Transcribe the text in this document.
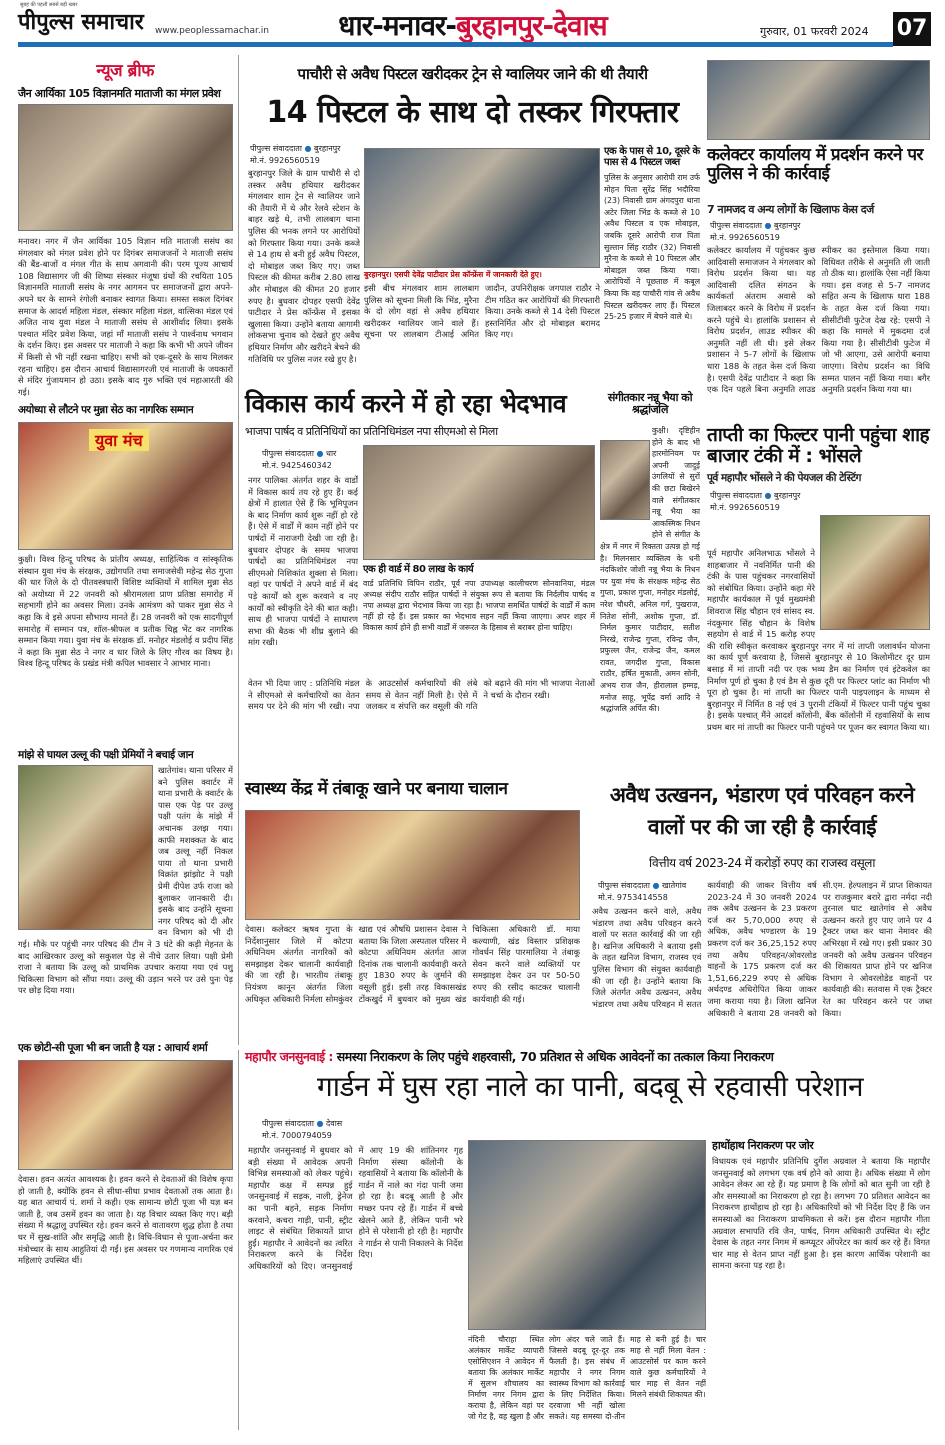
सुबह की पहली सबसे बड़ी खबर
पीपुल्स समाचार www.peoplessamachar.in	धार-मनावर-बुरहानपुर-देवास	गुरुवार, 01 फरवरी 2024 07
न्यूज ब्रीफ
जैन आर्यिका 105 विज्ञानमति माताजी का मंगल प्रवेश
मनावर। नगर में जैन आर्यिका 105 विज्ञान मति माताजी ससंघ का मंगलवार को मंगल प्रवेश होने पर दिगंबर समाजजनों ने माताजी ससंघ की बैंड-बाजों व मंगल गीत के साथ अगवानी की। परम पूज्य आचार्य 108 विद्यासागर जी की शिष्या संस्कार मंजूषा ग्रंथों की रचयिता 105 विज्ञानमति माताजी ससंघ के नगर आगमन पर समाजजनों द्वारा अपने-अपने घर के सामने रंगोली बनाकर स्वागत किया। समस्त सकल दिगंबर समाज के आदर्श महिला मंडल, संस्कार महिला मंडल, वात्सिका मंडल एवं अजित नाथ युवा मंडल ने माताजी ससंघ से आशीर्वाद लिया। इसके पश्चात मंदिर प्रवेश किया, जहां माँ माताजी ससंघ ने पार्श्वनाथ भगवान के दर्शन किए। इस अवसर पर माताजी ने कहा कि कभी भी अपने जीवन में किसी से भी नहीं रखना चाहिए। सभी को एक-दूसरे के साथ मिलकर रहना चाहिए। इस दौरान आचार्य विद्यासागरजी एवं माताजी के जयकारों से मंदिर गुंजायमान हो उठा। इसके बाद गुरु भक्ति एवं महाआरती की गई।
अयोध्या से लौटने पर मुन्ना सेठ का नागरिक सम्मान
युवा मंच
कुक्षी। विश्व हिन्दू परिषद के प्रांतीय अध्यक्ष, साहित्यिक व सांस्कृतिक संस्थान युवा मंच के संरक्षक, उद्योगपति तथा समाजसेवी महेन्द्र सेठ गुप्ता की धार जिले के दो पीतवस्त्रधारी विशिष्ट व्यक्तियों में शामिल मुन्ना सेठ को अयोध्या में 22 जनवरी को श्रीरामलला प्राण प्रतिष्ठा समारोह में सहभागी होने का अवसर मिला। उनके आमंत्रण को पाकर मुन्ना सेठ ने कहा कि वे इसे अपना सौभाग्य मानते हैं। 28 जनवरी को एक सादगीपूर्ण समारोह में सम्मान पत्र, शॉल-श्रीफल व प्रतीक चिह्न भेंट कर नागरिक सम्मान किया गया। युवा मंच के संरक्षक डॉ. मनोहर मंडलोई व प्रदीप सिंह ने कहा कि मुन्ना सेठ ने नगर व धार जिले के लिए गौरव का विषय है। विश्व हिन्दू परिषद के प्रखंड मंत्री कपिल भावसार ने आभार माना।
मांझे से घायल उल्लू की पक्षी प्रेमियों ने बचाई जान
खातेगांव। थाना परिसर में बने पुलिस क्वार्टर में थाना प्रभारी के क्वार्टर के पास एक पेड़ पर उल्लू पक्षी पतंग के मांझे में अचानक उलझ गया। काफी मशक्कत के बाद जब उल्लू नहीं निकल पाया तो थाना प्रभारी विक्रांत झांझोट ने पक्षी प्रेमी दीपेश उर्फ राजा को बुलाकर जानकारी दी। इसके बाद उन्होंने सूचना नगर परिषद को दी और वन विभाग को भी दी गई। मौके पर पहुंची नगर परिषद की टीम ने 3 घंटे की कड़ी मेहनत के बाद आखिरकार उल्लू को सकुशल पेड़ से नीचे उतार लिया। पक्षी प्रेमी राजा ने बताया कि उल्लू को प्राथमिक उपचार कराया गया एवं पशु चिकित्सा विभाग को सौंपा गया। उल्लू की उड़ान भरने पर उसे पुनः पेड़ पर छोड़ दिया गया।
एक छोटी-सी पूजा भी बन जाती है यज्ञ : आचार्य शर्मा
देवास। हवन अत्यंत आवश्यक है। हवन करने से देवताओं की विशेष कृपा हो जाती है, क्योंकि हवन से सीधा-सीधा प्रभाव देवताओं तक आता है। यह बात आचार्य पं. शर्मा ने कही। एक सामान्य छोटी पूजा भी यज्ञ बन जाती है, जब उसमें हवन का जाता है। यह विचार व्यक्त किए गए। बड़ी संख्या में श्रद्धालु उपस्थित रहे। हवन करने से वातावरण शुद्ध होता है तथा घर में सुख-शांति और समृद्धि आती है। विधि-विधान से पूजा-अर्चना कर मंत्रोच्चार के साथ आहुतियां दी गईं। इस अवसर पर गणमान्य नागरिक एवं महिलाएं उपस्थित थीं।
पाचौरी से अवैध पिस्टल खरीदकर ट्रेन से ग्वालियर जाने की थी तैयारी
14 पिस्टल के साथ दो तस्कर गिरफ्तार
पीपुल्स संवाददाता ● बुरहानपुर
मो.नं. 9926560519
बुरहानपुर जिले के ग्राम पाचौरी से दो तस्कर अवैध हथियार खरीदकर मंगलवार शाम ट्रेन से ग्वालियर जाने की तैयारी में थे और रेलवे स्टेशन के बाहर खड़े थे, तभी लालबाग थाना पुलिस की भनक लगने पर आरोपियों को गिरफ्तार किया गया। उनके कब्जे से 14 हाथ से बनी हुई अवैध पिस्टल, दो मोबाइल जब्त किए गए। जब्त पिस्टल की कीमत करीब 2.80 लाख और मोबाइल की कीमत 20 हजार रुपए है। बुधवार दोपहर एसपी देवेंद्र पाटीदार ने प्रेस कॉन्फ्रेंस में इसका खुलासा किया। उन्होंने बताया आगामी लोकसभा चुनाव को देखते हुए अवैध हथियार निर्माण और खरीदने बेचने की गतिविधि पर पुलिस नजर रखे हुए है।
बुरहानपुर। एसपी देवेंद्र पाटीदार प्रेस कॉन्फ्रेंस में जानकारी देते हुए।
इसी बीच मंगलवार शाम लालबाग पुलिस को सूचना मिली कि भिंड, मुरैना के दो लोग वहां से अवैध हथियार खरीदकर ग्वालियर जाने वाले हैं। सूचना पर लालबाग टीआई अमित जादौन, उपनिरीक्षक जगपाल राठौर ने टीम गठित कर आरोपियों की गिरफ्तारी किया। उनके कब्जे से 14 देसी पिस्टल हस्तनिर्मित और दो मोबाइल बरामद किए गए।
एक के पास से 10, दूसरे के पास से 4 पिस्टल जब्त
पुलिस के अनुसार आरोपी राम उर्फ मोहन पिता सुरेंद्र सिंह भदौरिया (23) निवासी ग्राम अंगदपुरा थाना अटेर जिला भिंड के कब्जे से 10 अवैध पिस्टल व एक मोबाइल, जबकि दूसरे आरोपी राज पिता सुल्तान सिंह राठौर (32) निवासी मुरैना के कब्जे से 10 पिस्टल और मोबाइल जब्त किया गया। आरोपियों ने पूछताछ में कबूल किया कि वह पाचौरी गांव से अवैध पिस्टल खरीदकर लाए हैं। पिस्टल 25-25 हजार में बेचने वाले थे।
कलेक्टर कार्यालय में प्रदर्शन करने पर पुलिस ने की कार्रवाई
7 नामजद व अन्य लोगों के खिलाफ केस दर्ज
पीपुल्स संवाददाता ● बुरहानपुर
मो.नं. 9926560519
कलेक्टर कार्यालय में पहुंचकर कुछ आदिवासी समाजजन ने मंगलवार को विरोध प्रदर्शन किया था। यह आदिवासी दलित संगठन के कार्यकर्ता अंतराम अवासे को जिलाबदर करने के विरोध में प्रदर्शन करने पहुंचे थे। हालांकि प्रशासन से विरोध प्रदर्शन, लाउड स्पीकर की अनुमति नहीं ली थी। इसे लेकर प्रशासन ने 5-7 लोगों के खिलाफ धारा 188 के तहत केस दर्ज किया है। एसपी देवेंद्र पाटीदार ने कहा कि एक दिन पहले बिना अनुमति लाउड स्पीकर का इस्तेमाल किया गया। विधिवत तरीके से अनुमति ली जाती तो ठीक था। हालांकि ऐसा नहीं किया गया। इस वजह से 5-7 नामजद सहित अन्य के खिलाफ धारा 188 के तहत केस दर्ज किया गया। सीसीटीवी फुटेज देख रहे: एसपी ने कहा कि मामले में मुकदमा दर्ज किया गया है। सीसीटीवी फुटेज में जो भी आएगा, उसे आरोपी बनाया जाएगा। विरोध प्रदर्शन का विधि सम्मत पालन नहीं किया गया। बगैर अनुमति प्रदर्शन किया गया था।
विकास कार्य करने में हो रहा भेदभाव
भाजपा पार्षद व प्रतिनिधियों का प्रतिनिधिमंडल नपा सीएमओ से मिला
पीपुल्स संवाददाता ● धार
मो.नं. 9425460342
नगर पालिका अंतर्गत शहर के वार्डों में विकास कार्य तय रहे हुए हैं। कई क्षेत्रों में हालात ऐसे हैं कि भूमिपूजन के बाद निर्माण कार्य शुरू नहीं हो रहे हैं। ऐसे में वार्डों में काम नहीं होने पर पार्षदों में नाराजगी देखी जा रही है। बुधवार दोपहर के समय भाजपा पार्षदों का प्रतिनिधिमंडल नपा सीएमओ निशिकांत शुक्ला से मिला। वहां पर पार्षदों ने अपने वार्ड में बंद पड़े कार्यों को शुरू करवाने व नए कार्यों को स्वीकृति देने की बात कही। साथ ही भाजपा पार्षदों ने साधारण सभा की बैठक भी शीघ्र बुलाने की मांग रखी।
एक ही वार्ड में 80 लाख के कार्य
वार्ड प्रतिनिधि विपिन राठौर, पूर्व नपा उपाध्यक्ष कालीचरण सोनवानिया, मंडल अध्यक्ष संदीप राठौर सहित पार्षदों ने संयुक्त रूप से बताया कि निर्दलीय पार्षद व नपा अध्यक्ष द्वारा भेदभाव किया जा रहा है। भाजपा समर्थित पार्षदों के वार्डों में काम नहीं हो रहे हैं। इस प्रकार का भेदभाव सहन नहीं किया जाएगा। अपर शहर में विकास कार्य होने ही सभी वार्डों में जरूरत के हिसाब से बराबर होना चाहिए।
वेतन भी दिया जाए : प्रतिनिधि मंडल ने सीएमओ से कर्मचारियों का वेतन समय पर देने की मांग भी रखी। नपा के आउटसोर्स कर्मचारियों की लंबे समय से वेतन नहीं मिली है। ऐसे में जलकर व संपत्ति कर वसूली की गति को बढ़ाने की मांग भी भाजपा नेताओं ने चर्चा के दौरान रखी।
संगीतकार नन्नू भैया को श्रद्धांजलि
कुक्षी। दृष्टिहीन होने के बाद भी हारमोनियम पर अपनी जादुई उंगलियों से सुरों की छटा बिखेरने वाले संगीतकार नन्नू भैया का आकस्मिक निधन होने से संगीत के क्षेत्र में नगर में रिक्तता उत्पन्न हो गई है। मिलनसार व्यक्तित्व के धनी नंदकिशोर जोशी नन्नू भैया के निधन पर युवा मंच के संरक्षक महेन्द्र सेठ गुप्ता, प्रकाश गुप्ता, मनोहर मंडलोई, नरेश चौधरी, अनिल गर्ग, पुखराज, नितेश सोनी, अशोक गुप्ता, डॉ. निर्मल कुमार पाटीदार, सतीश निरखे, राजेन्द्र गुप्ता, रविन्द्र जैन, प्रफुल्ल जैन, राजेन्द्र जैन, कमल रावत, जगदीश गुप्ता, विकास राठौर, हर्षित मुकाती, अमन सोनी, अभय राज जैन, हीरालाल हम्मड़, मनोज साहू, भूपेंद्र वर्मा आदि ने श्रद्धांजलि अर्पित की।
ताप्ती का फिल्टर पानी पहुंचा शाह बाजार टंकी में : भोंसले
पूर्व महापौर भोंसले ने की पेयजल की टेस्टिंग
पीपुल्स संवाददाता ● बुरहानपुर
मो.नं. 9926560519
पूर्व महापौर अनिलभाऊ भोंसले ने शाहबाजार में नवनिर्मित पानी की टंकी के पास पहुंचकर नगरवासियों को संबोधित किया। उन्होंने कहा मेरे महापौर कार्यकाल में पूर्व मुख्यमंत्री शिवराज सिंह चौहान एवं सांसद स्व. नंदकुमार सिंह चौहान के विशेष सहयोग से वार्ड में 15 करोड़ रुपए की राशि स्वीकृत करवाकर बुरहानपुर नगर में मां ताप्ती जलावर्धन योजना का कार्य पूर्ण करवाया है, जिससे बुरहानपुर से 10 किलोमीटर दूर ग्राम बसाड़ में मां ताप्ती नदी पर एक भव्य डैम का निर्माण एवं इंटेकवेल का निर्माण पूर्ण हो चुका है एवं डैम से कुछ दूरी पर फिल्टर प्लांट का निर्माण भी पूरा हो चुका है। मां ताप्ती का फिल्टर पानी पाइपलाइन के माध्यम से बुरहानपुर में निर्मित 8 नई एवं 3 पुरानी टंकियों में फिल्टर पानी पहुंच चुका है। इसके पश्चात् मैंने आदर्श कॉलोनी, बैंक कॉलोनी में रहवासियों के साथ प्रथम बार मां ताप्ती का फिल्टर पानी पहुंचने पर पूजन कर स्वागत किया था।
स्वास्थ्य केंद्र में तंबाकू खाने पर बनाया चालान
देवास। कलेक्टर ऋषव गुप्ता के निर्देशानुसार जिले में कोटपा अधिनियम अंतर्गत नागरिकों को समझाइश देकर चालानी कार्यवाही की जा रही है। भारतीय तंबाकू नियंत्रण कानून अंतर्गत जिला अधिकृत अधिकारी निर्मला सोमकुंवर खाद्य एवं औषधि प्रशासन देवास ने बताया कि जिला अस्पताल परिसर में कोटपा अधिनियम अंतर्गत आज दिनांक तक चालानी कार्यवाही करते हुए 1830 रुपए के जुर्माने की वसूली हुई। इसी तरह विकासखंड टोंकखुर्द में बुधवार को मुख्य खंड चिकित्सा अधिकारी डॉ. माया कल्याणी, खंड विस्तार प्रशिक्षक गोवर्धन सिंह पारमालिया ने तंबाकू सेवन करने वाले व्यक्तियों पर समझाइश देकर उन पर 50-50 रुपए की रसीद काटकर चालानी कार्यवाही की गई।
अवैध उत्खनन, भंडारण एवं परिवहन करने वालों पर की जा रही है कार्रवाई
वित्तीय वर्ष 2023-24 में करोड़ों रुपए का राजस्व वसूला
पीपुल्स संवाददाता ● खातेगांव
मो.नं. 9753414558
अवैध उत्खनन करने वाले, अवैध भंडारण तथा अवैध परिवहन करने वालों पर सतत कार्रवाई की जा रही है। खनिज अधिकारी ने बताया इसी के तहत खनिज विभाग, राजस्व एवं पुलिस विभाग की संयुक्त कार्यवाही की जा रही है। उन्होंने बताया कि जिले अंतर्गत अवैध उत्खनन, अवैध भंडारण तथा अवैध परिवहन में सतत कार्यवाही की जाकर वित्तीय वर्ष 2023-24 में 30 जनवरी 2024 तक अवैध उत्खनन के 23 प्रकरण दर्ज कर 5,70,000 रुपए से अधिक, अवैध भण्डारण के 19 प्रकरण दर्ज कर 36,25,152 रुपए तथा अवैध परिवहन/ओवरलोड वाहनों के 175 प्रकरण दर्ज कर 1,51,66,229 रुपए से अधिक अर्थदण्ड अधिरोपित किया जाकर जमा कराया गया है। जिला खनिज अधिकारी ने बताया 28 जनवरी को सी.एम. हेल्पलाइन में प्राप्त शिकायत पर राजकुमार बरारे द्वारा नर्मदा नदी तुरनाल घाट खातेगांव से अवैध उत्खनन करते हुए पाए जाने पर 4 ट्रैक्टर जब्त कर थाना नेमावर की अभिरक्षा में रखे गए। इसी प्रकार 30 जनवरी को अवैध उत्खनन परिवहन की शिकायत प्राप्त होने पर खनिज विभाग ने ओवरलोडेड वाहनों पर कार्यवाही की। सतवास में एक ट्रैक्टर रेत का परिवहन करने पर जब्त किया।
महापौर जनसुनवाई : समस्या निराकरण के लिए पहुंचे शहरवासी, 70 प्रतिशत से अधिक आवेदनों का तत्काल किया निराकरण
गार्डन में घुस रहा नाले का पानी, बदबू से रहवासी परेशान
पीपुल्स संवाददाता ● देवास
मो.नं. 7000794059
महापौर जनसुनवाई में बुधवार को बड़ी संख्या में आवेदक अपनी विभिन्न समस्याओं को लेकर पहुंचे। महापौर कक्ष में सम्पन्न हुई जनसुनवाई में सड़क, नाली, ड्रेनेज का पानी बहने, सड़क निर्माण करवाने, कचरा गाड़ी, पानी, स्ट्रीट लाइट से संबंधित शिकायतें प्राप्त हुईं। महापौर ने आवेदनों का त्वरित निराकरण करने के निर्देश अधिकारियों को दिए। जनसुनवाई में आए 19 की शांतिनगर गृह निर्माण संस्था कॉलोनी के रहवासियों ने बताया कि कॉलोनी के गार्डन में नाले का गंदा पानी जमा हो रहा है। बदबू आती है और मच्छर पनप रहे हैं। गार्डन में बच्चे खेलने आते हैं, लेकिन पानी भरे होने से परेशानी हो रही है। महापौर ने गार्डन से पानी निकालने के निर्देश दिए।
नंदिनी चौराहा स्थित अलंकार मार्केट व्यापारी एसोसिएशन ने आवेदन में बताया कि अलंकार मार्केट में सुलभ शौचालय का निर्माण नगर निगम द्वारा कराया है, लेकिन वहां पर जो गेट है, वह खुला है और लोग अंदर चले जाते हैं। जिससे बदबू दूर-दूर तक फैलती है। इस संबंध में महापौर ने नगर निगम स्वास्थ्य विभाग को कार्रवाई के लिए निर्देशित किया। दरवाजा भी नहीं खोला सकते। यह समस्या दो-तीन माह से बनी हुई है। चार माह से नहीं मिला वेतन : आउटसोर्स पर काम करने वाले कुछ कर्मचारियों ने चार माह से वेतन नहीं मिलने संबंधी शिकायत की।
हाथोंहाथ निराकरण पर जोर
विधायक एवं महापौर प्रतिनिधि दुर्गेश अग्रवाल ने बताया कि महापौर जनसुनवाई को लगभग एक वर्ष होने को आया है। अधिक संख्या में लोग आवेदन लेकर आ रहे हैं। यह प्रमाण है कि लोगों को बात सुनी जा रही है और समस्याओं का निराकरण हो रहा है। लगभग 70 प्रतिशत आवेदन का निराकरण हाथोंहाथ हो रहा है। अधिकारियों को भी निर्देश दिए हैं कि जन समस्याओं का निराकरण प्राथमिकता से करें। इस दौरान महापौर गीता अग्रवाल सभापति रवि जैन, पार्षद, निगम अधिकारी उपस्थित थे। स्ट्रीट देवास के तहत नगर निगम में कम्प्यूटर ऑपरेटर का कार्य कर रहे हैं। विगत चार माह से वेतन प्राप्त नहीं हुआ है। इस कारण आर्थिक परेशानी का सामना करना पड़ रहा है।
